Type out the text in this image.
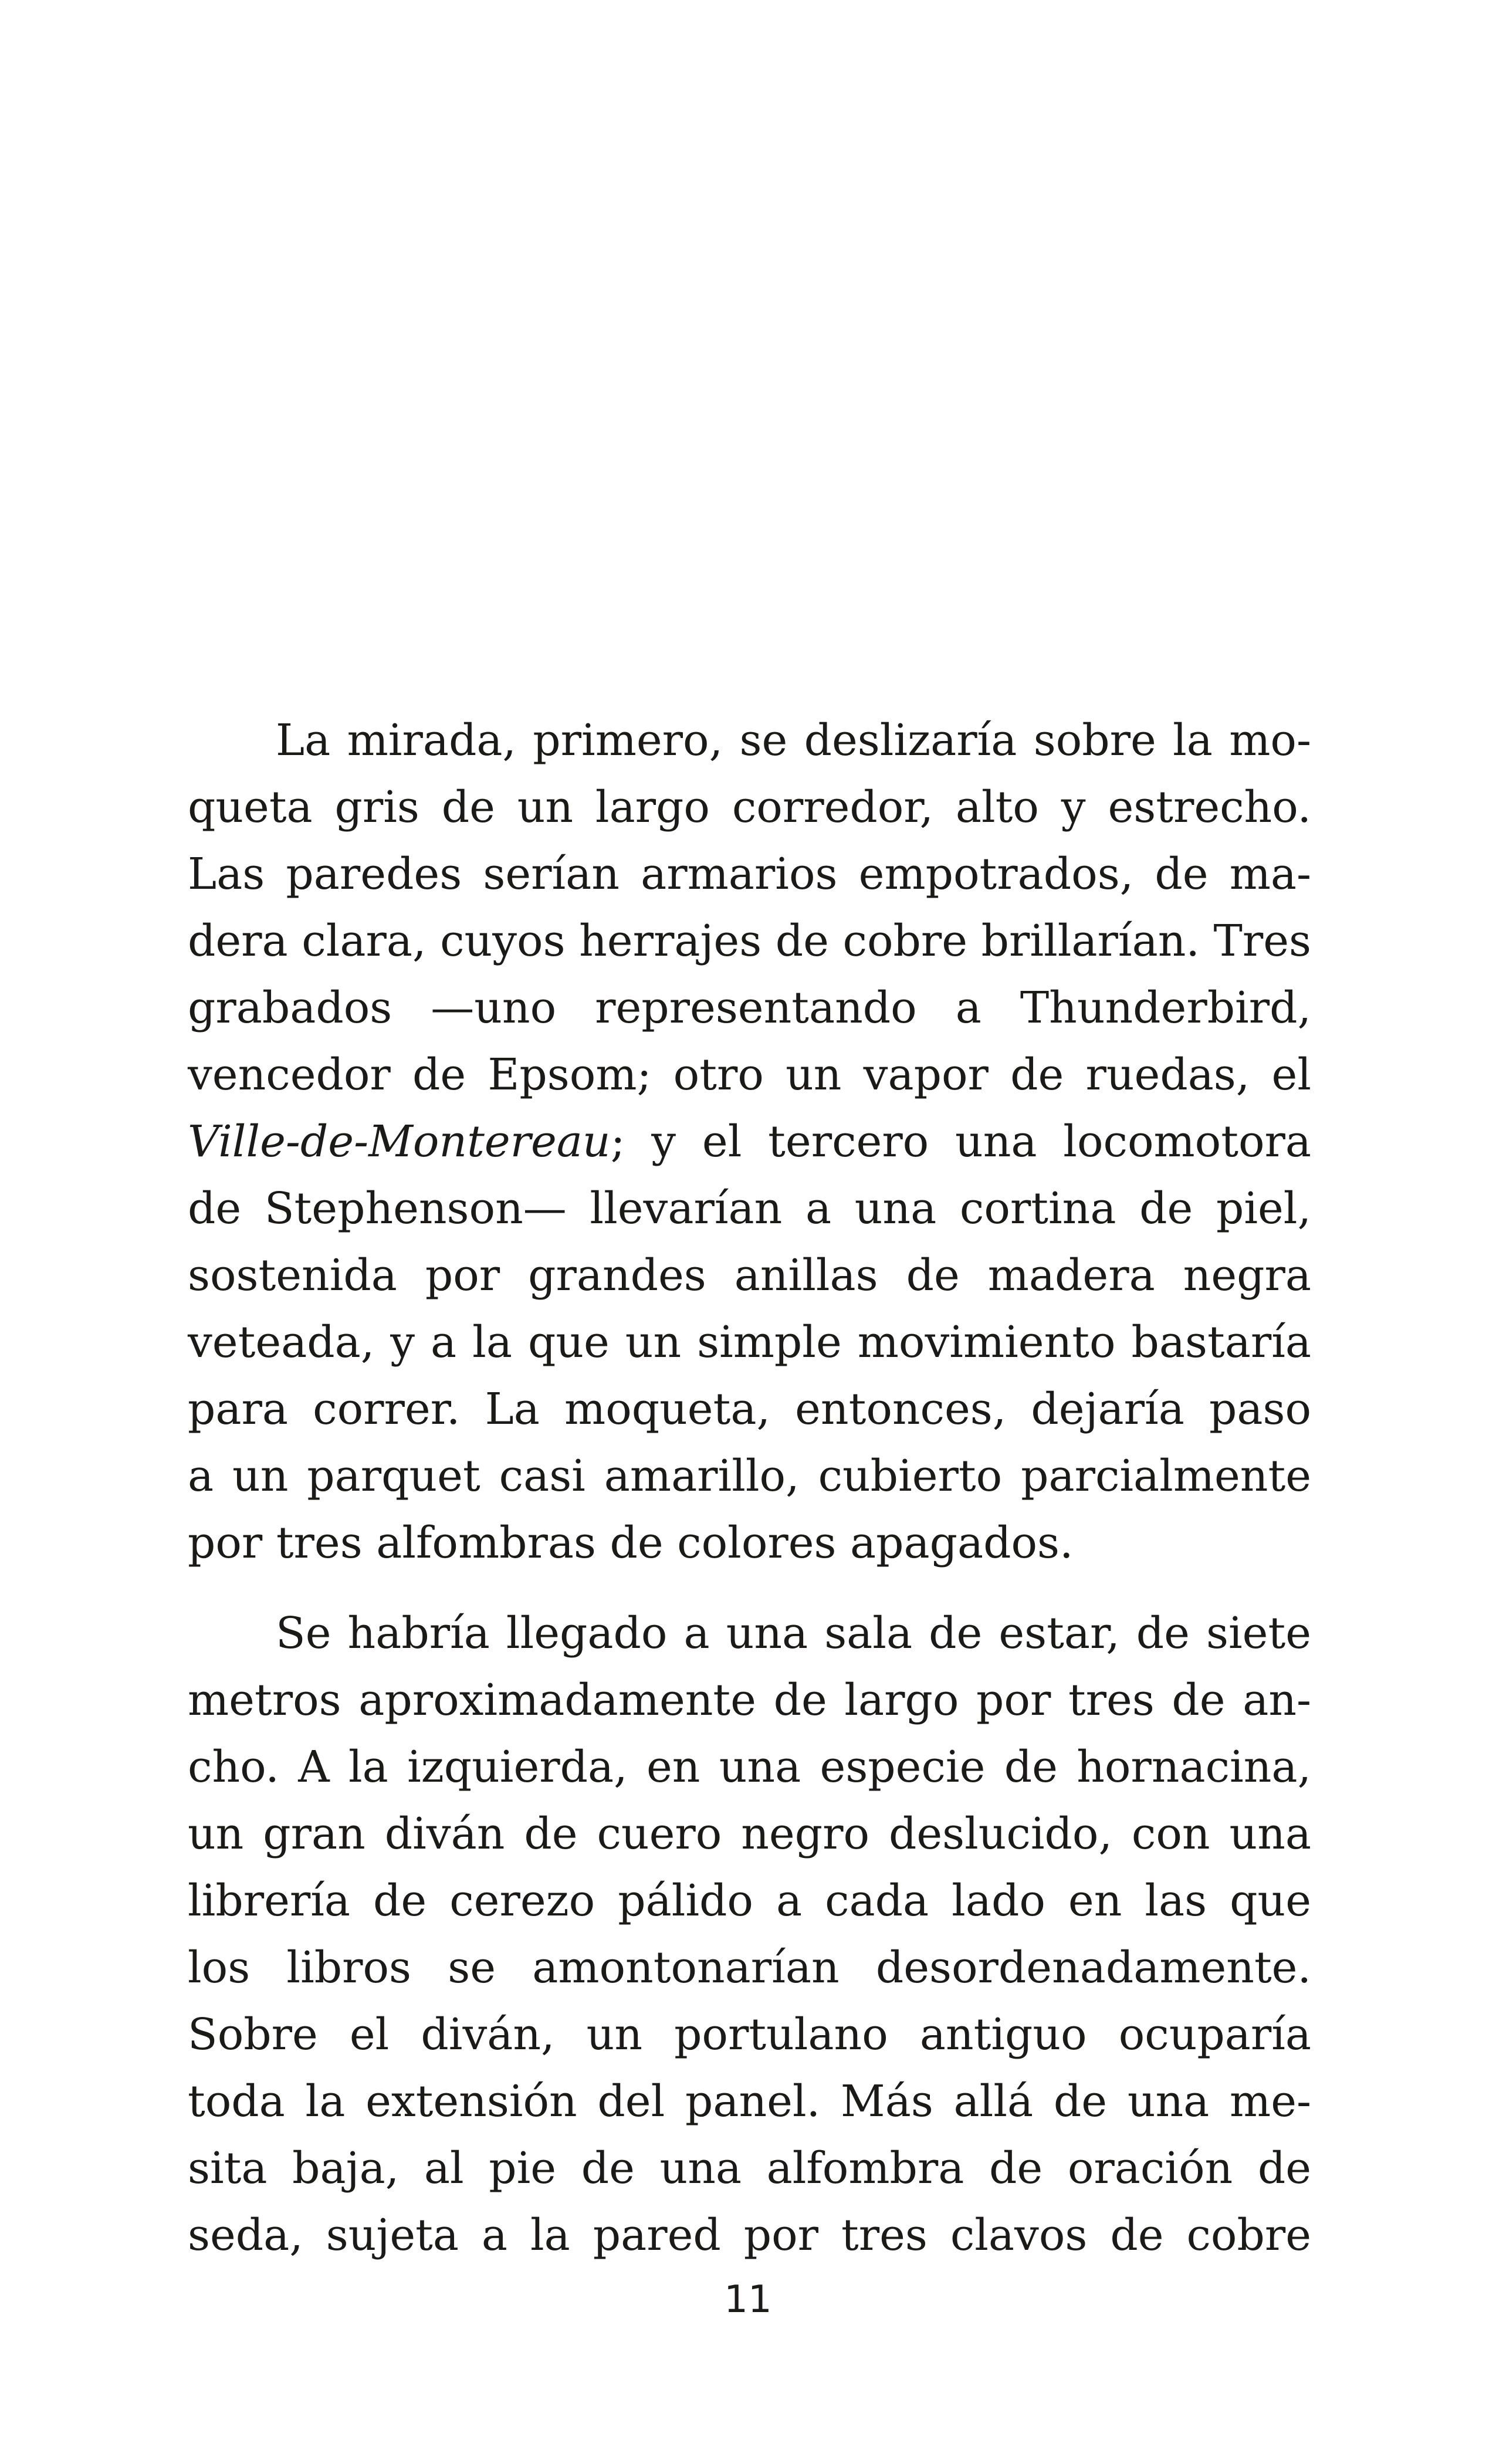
La mirada, primero, se deslizaría sobre la mo-
queta gris de un largo corredor, alto y estrecho.
Las paredes serían armarios empotrados, de ma-
dera clara, cuyos herrajes de cobre brillarían. Tres
grabados —uno representando a Thunderbird,
vencedor de Epsom; otro un vapor de ruedas, el
Ville-de-Montereau; y el tercero una locomotora
de Stephenson— llevarían a una cortina de piel,
sostenida por grandes anillas de madera negra
veteada, y a la que un simple movimiento bastaría
para correr. La moqueta, entonces, dejaría paso
a un parquet casi amarillo, cubierto parcialmente
por tres alfombras de colores apagados.
Se habría llegado a una sala de estar, de siete
metros aproximadamente de largo por tres de an-
cho. A la izquierda, en una especie de hornacina,
un gran diván de cuero negro deslucido, con una
librería de cerezo pálido a cada lado en las que
los libros se amontonarían desordenadamente.
Sobre el diván, un portulano antiguo ocuparía
toda la extensión del panel. Más allá de una me-
sita baja, al pie de una alfombra de oración de
seda, sujeta a la pared por tres clavos de cobre
11
